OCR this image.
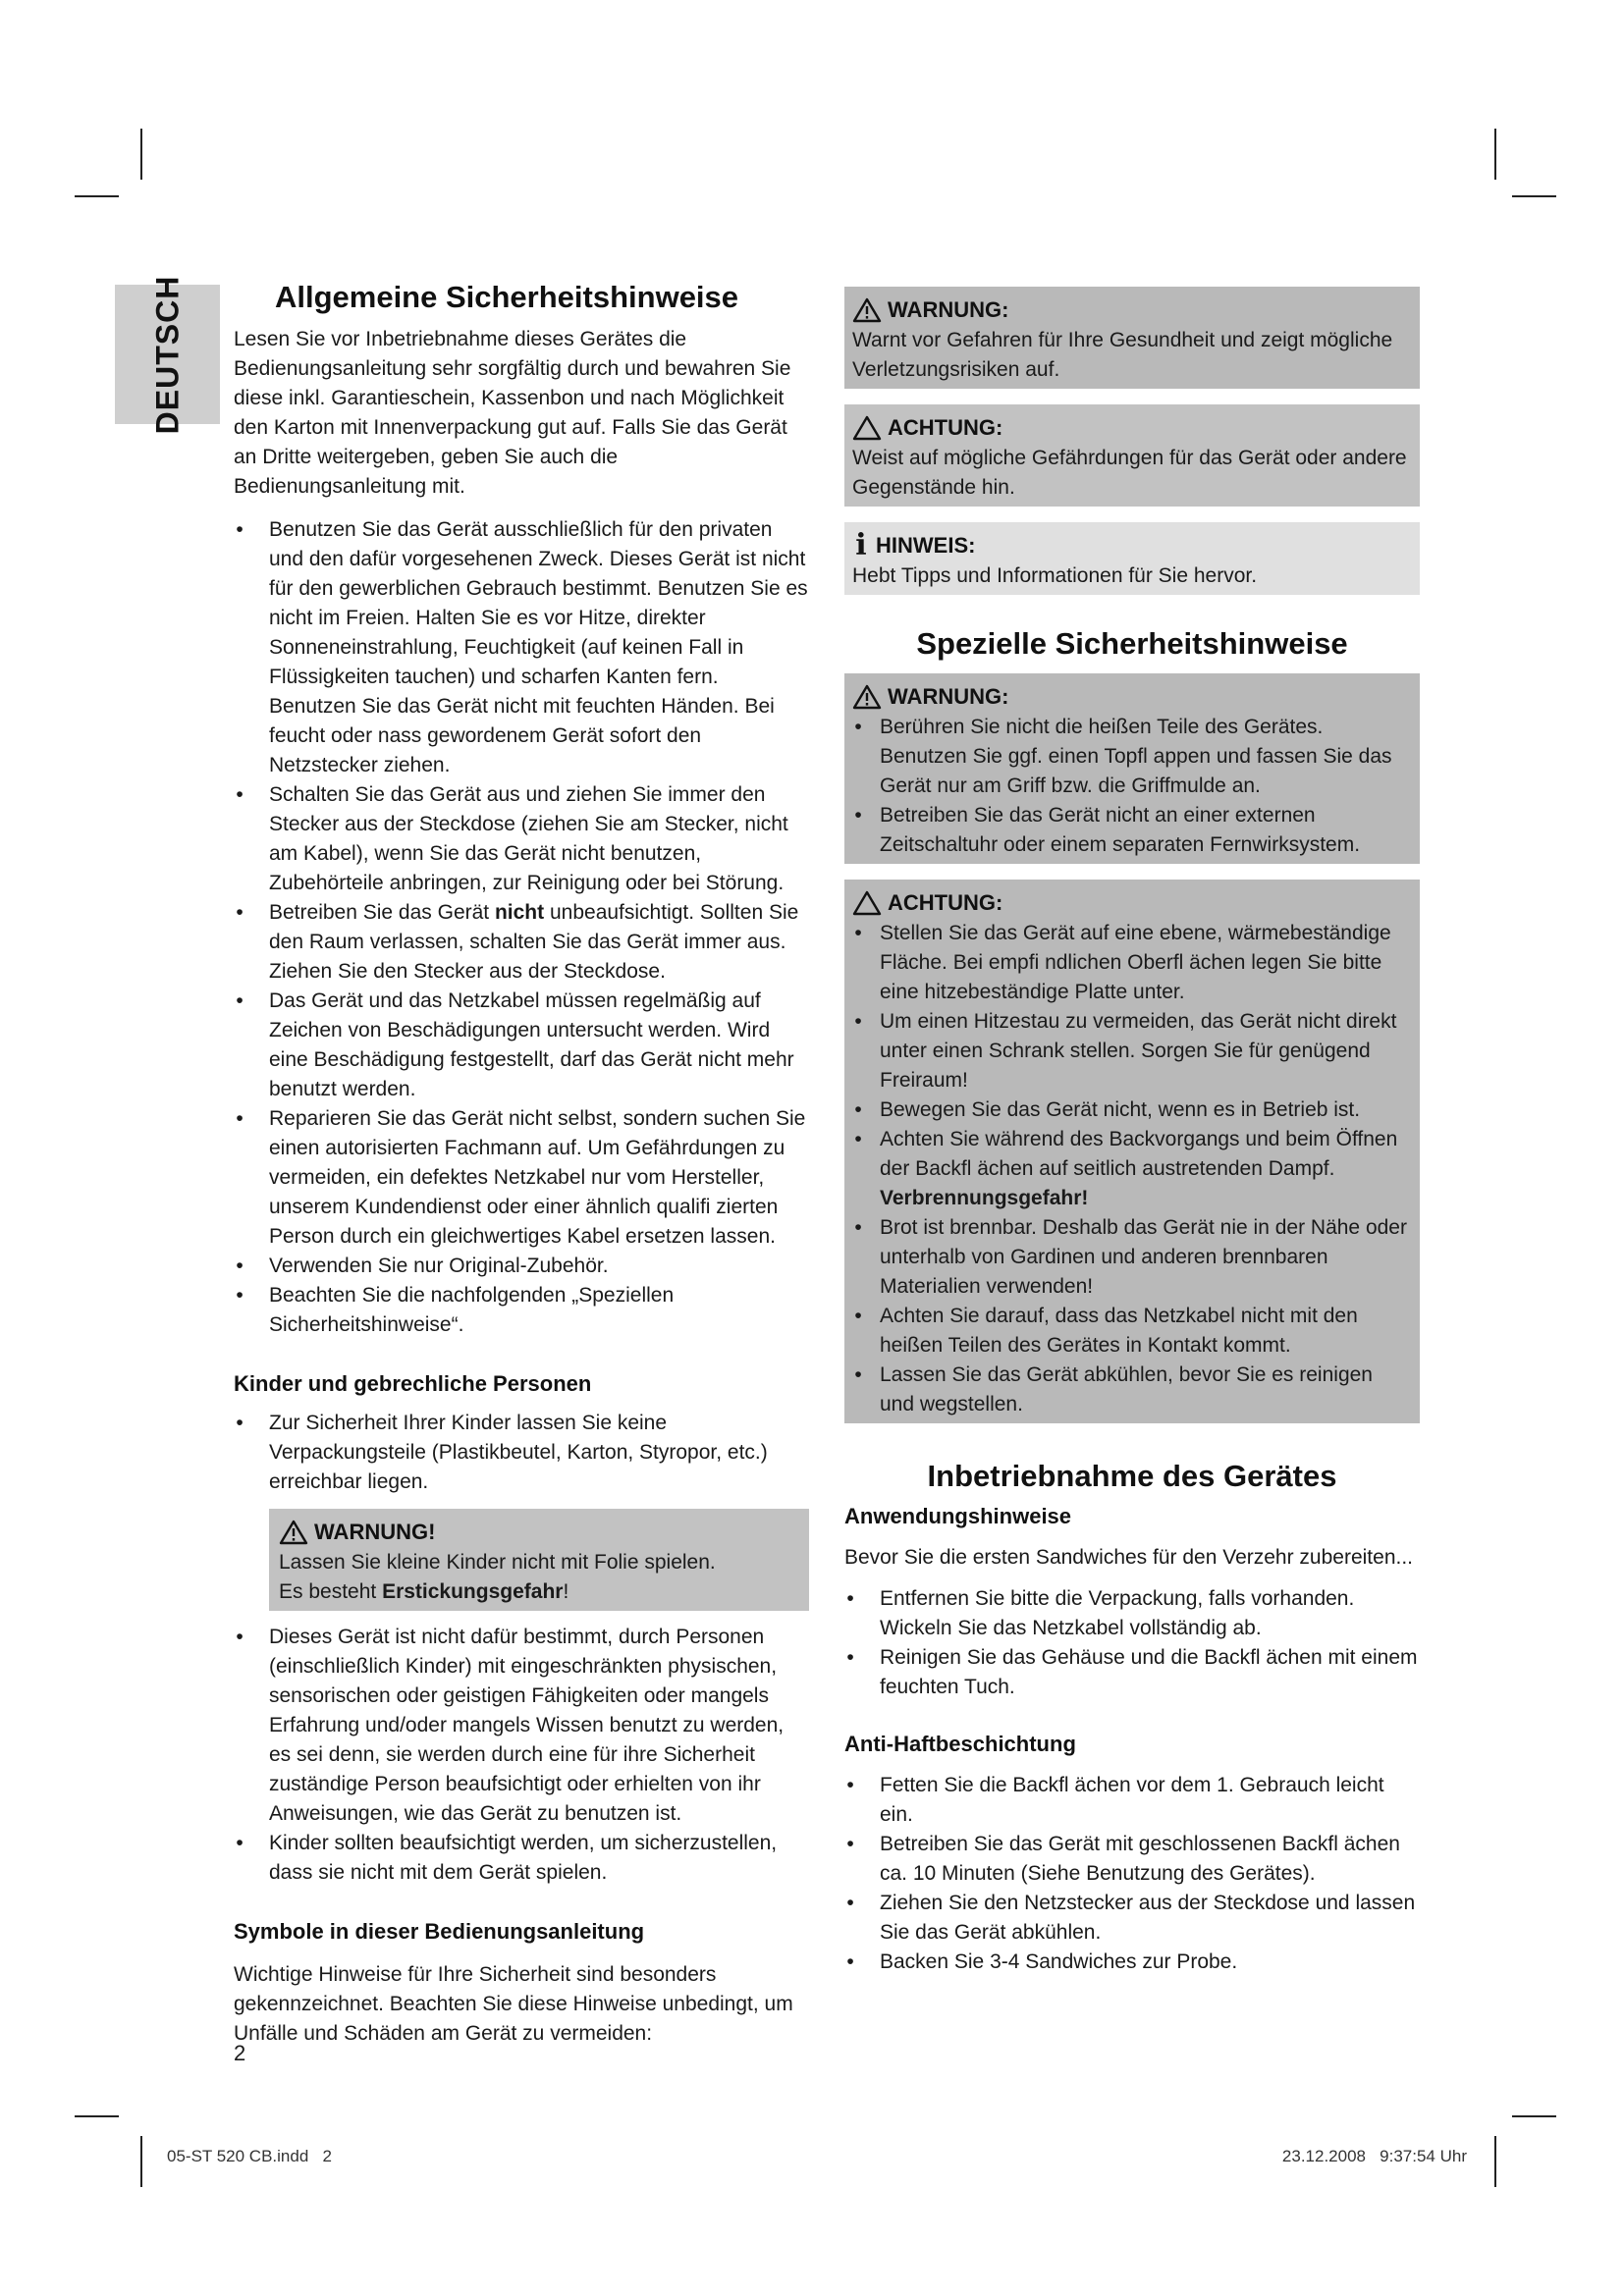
DEUTSCH	Allgemeine Sicherheitshinweise

Lesen Sie vor Inbetriebnahme dieses Gerätes die Bedienungsanleitung sehr sorgfältig durch und bewahren Sie diese inkl. Garantieschein, Kassenbon und nach Möglichkeit den Karton mit Innenverpackung gut auf. Falls Sie das Gerät an Dritte weitergeben, geben Sie auch die Bedienungsanleitung mit.

• Benutzen Sie das Gerät ausschließlich für den privaten und den dafür vorgesehenen Zweck. Dieses Gerät ist nicht für den gewerblichen Gebrauch bestimmt. Benutzen Sie es nicht im Freien. Halten Sie es vor Hitze, direkter Sonneneinstrahlung, Feuchtigkeit (auf keinen Fall in Flüssigkeiten tauchen) und scharfen Kanten fern. Benutzen Sie das Gerät nicht mit feuchten Händen. Bei feucht oder nass gewordenem Gerät sofort den Netzstecker ziehen.
• Schalten Sie das Gerät aus und ziehen Sie immer den Stecker aus der Steckdose (ziehen Sie am Stecker, nicht am Kabel), wenn Sie das Gerät nicht benutzen, Zubehörteile anbringen, zur Reinigung oder bei Störung.
• Betreiben Sie das Gerät nicht unbeaufsichtigt. Sollten Sie den Raum verlassen, schalten Sie das Gerät immer aus. Ziehen Sie den Stecker aus der Steckdose.
• Das Gerät und das Netzkabel müssen regelmäßig auf Zeichen von Beschädigungen untersucht werden. Wird eine Beschädigung festgestellt, darf das Gerät nicht mehr benutzt werden.
• Reparieren Sie das Gerät nicht selbst, sondern suchen Sie einen autorisierten Fachmann auf. Um Gefährdungen zu vermeiden, ein defektes Netzkabel nur vom Hersteller, unserem Kundendienst oder einer ähnlich qualifi zierten Person durch ein gleichwertiges Kabel ersetzen lassen.
• Verwenden Sie nur Original-Zubehör.
• Beachten Sie die nachfolgenden „Speziellen Sicherheitshinweise“.
Kinder und gebrechliche Personen
• Zur Sicherheit Ihrer Kinder lassen Sie keine Verpackungsteile (Plastikbeutel, Karton, Styropor, etc.) erreichbar liegen.
WARNUNG!
Lassen Sie kleine Kinder nicht mit Folie spielen.
Es besteht Erstickungsgefahr!
• Dieses Gerät ist nicht dafür bestimmt, durch Personen (einschließlich Kinder) mit eingeschränkten physischen, sensorischen oder geistigen Fähigkeiten oder mangels Erfahrung und/oder mangels Wissen benutzt zu werden, es sei denn, sie werden durch eine für ihre Sicherheit zuständige Person beaufsichtigt oder erhielten von ihr Anweisungen, wie das Gerät zu benutzen ist.
• Kinder sollten beaufsichtigt werden, um sicherzustellen, dass sie nicht mit dem Gerät spielen.
Symbole in dieser Bedienungsanleitung

Wichtige Hinweise für Ihre Sicherheit sind besonders gekennzeichnet. Beachten Sie diese Hinweise unbedingt, um Unfälle und Schäden am Gerät zu vermeiden:

WARNUNG:
Warnt vor Gefahren für Ihre Gesundheit und zeigt mögliche Verletzungsrisiken auf.
ACHTUNG:
Weist auf mögliche Gefährdungen für das Gerät oder andere Gegenstände hin.
i HINWEIS:
Hebt Tipps und Informationen für Sie hervor.
Spezielle Sicherheitshinweise
WARNUNG:
• Berühren Sie nicht die heißen Teile des Gerätes. Benutzen Sie ggf. einen Topfl appen und fassen Sie das Gerät nur am Griff bzw. die Griffmulde an.
• Betreiben Sie das Gerät nicht an einer externen Zeitschaltuhr oder einem separaten Fernwirksystem.
ACHTUNG:
• Stellen Sie das Gerät auf eine ebene, wärmebeständige Fläche. Bei empfi ndlichen Oberfl ächen legen Sie bitte eine hitzebeständige Platte unter.
• Um einen Hitzestau zu vermeiden, das Gerät nicht direkt unter einen Schrank stellen. Sorgen Sie für genügend Freiraum!
• Bewegen Sie das Gerät nicht, wenn es in Betrieb ist.
• Achten Sie während des Backvorgangs und beim Öffnen der Backfl ächen auf seitlich austretenden Dampf.
Verbrennungsgefahr!
• Brot ist brennbar. Deshalb das Gerät nie in der Nähe oder unterhalb von Gardinen und anderen brennbaren Materialien verwenden!
• Achten Sie darauf, dass das Netzkabel nicht mit den heißen Teilen des Gerätes in Kontakt kommt.
• Lassen Sie das Gerät abkühlen, bevor Sie es reinigen und wegstellen.
Inbetriebnahme des Gerätes
Anwendungshinweise

Bevor Sie die ersten Sandwiches für den Verzehr zubereiten...

• Entfernen Sie bitte die Verpackung, falls vorhanden. Wickeln Sie das Netzkabel vollständig ab.
• Reinigen Sie das Gehäuse und die Backfl ächen mit einem feuchten Tuch.
Anti-Haftbeschichtung
• Fetten Sie die Backfl ächen vor dem 1. Gebrauch leicht ein.
• Betreiben Sie das Gerät mit geschlossenen Backfl ächen ca. 10 Minuten (Siehe Benutzung des Gerätes).
• Ziehen Sie den Netzstecker aus der Steckdose und lassen Sie das Gerät abkühlen.
• Backen Sie 3-4 Sandwiches zur Probe.
2
05-ST 520 CB.indd   2	23.12.2008   9:37:54 Uhr
